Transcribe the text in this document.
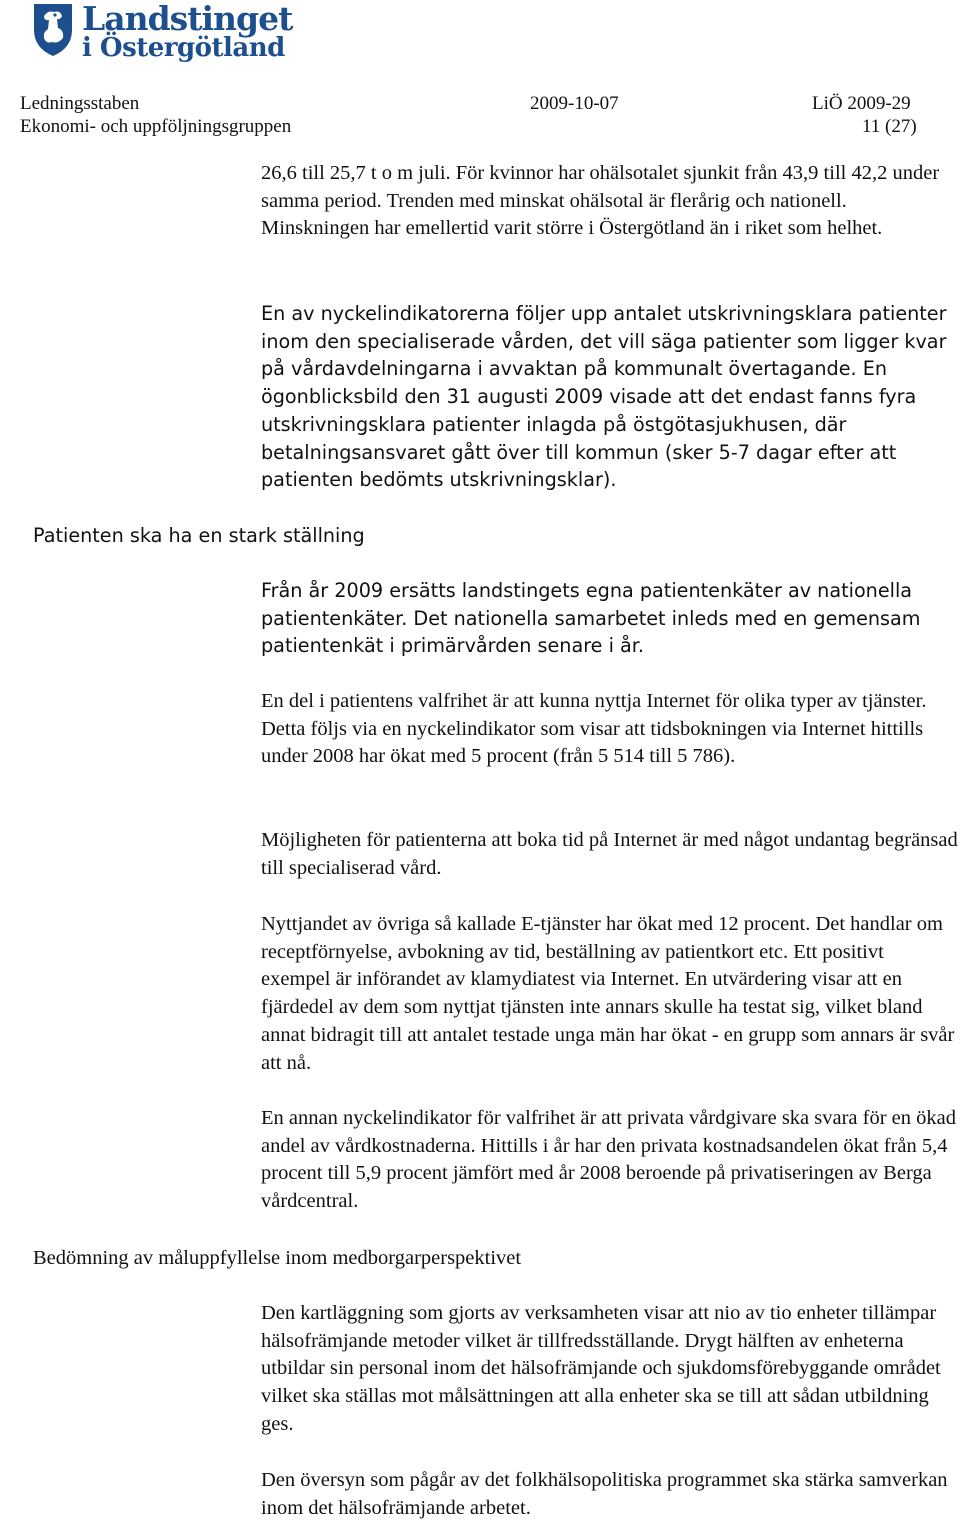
Landstinget
i Östergötland
Ledningsstaben	2009-10-07	LiÖ 2009-29
Ekonomi- och uppföljningsgruppen	11 (27)

26,6 till 25,7 t o m juli. För kvinnor har ohälsotalet sjunkit från 43,9 till 42,2 under samma period. Trenden med minskat ohälsotal är flerårig och nationell. Minskningen har emellertid varit större i Östergötland än i riket som helhet.

En av nyckelindikatorerna följer upp antalet utskrivningsklara patienter inom den specialiserade vården, det vill säga patienter som ligger kvar på vårdavdelningarna i avvaktan på kommunalt övertagande. En ögonblicksbild den 31 augusti 2009 visade att det endast fanns fyra utskrivningsklara patienter inlagda på östgötasjukhusen, där betalningsansvaret gått över till kommun (sker 5-7 dagar efter att patienten bedömts utskrivningsklar).

Patienten ska ha en stark ställning

Från år 2009 ersätts landstingets egna patientenkäter av nationella patientenkäter. Det nationella samarbetet inleds med en gemensam patientenkät i primärvården senare i år.

En del i patientens valfrihet är att kunna nyttja Internet för olika typer av tjänster. Detta följs via en nyckelindikator som visar att tidsbokningen via Internet hittills under 2008 har ökat med 5 procent (från 5 514 till 5 786).

Möjligheten för patienterna att boka tid på Internet är med något undantag begränsad till specialiserad vård.

Nyttjandet av övriga så kallade E-tjänster har ökat med 12 procent. Det handlar om receptförnyelse, avbokning av tid, beställning av patientkort etc. Ett positivt exempel är införandet av klamydiatest via Internet. En utvärdering visar att en fjärdedel av dem som nyttjat tjänsten inte annars skulle ha testat sig, vilket bland annat bidragit till att antalet testade unga män har ökat - en grupp som annars är svår att nå.

En annan nyckelindikator för valfrihet är att privata vårdgivare ska svara för en ökad andel av vårdkostnaderna. Hittills i år har den privata kostnadsandelen ökat från 5,4 procent till 5,9 procent jämfört med år 2008 beroende på privatiseringen av Berga vårdcentral.

Bedömning av måluppfyllelse inom medborgarperspektivet

Den kartläggning som gjorts av verksamheten visar att nio av tio enheter tillämpar hälsofrämjande metoder vilket är tillfredsställande. Drygt hälften av enheterna utbildar sin personal inom det hälsofrämjande och sjukdomsförebyggande området vilket ska ställas mot målsättningen att alla enheter ska se till att sådan utbildning ges.

Den översyn som pågår av det folkhälsopolitiska programmet ska stärka samverkan inom det hälsofrämjande arbetet.
